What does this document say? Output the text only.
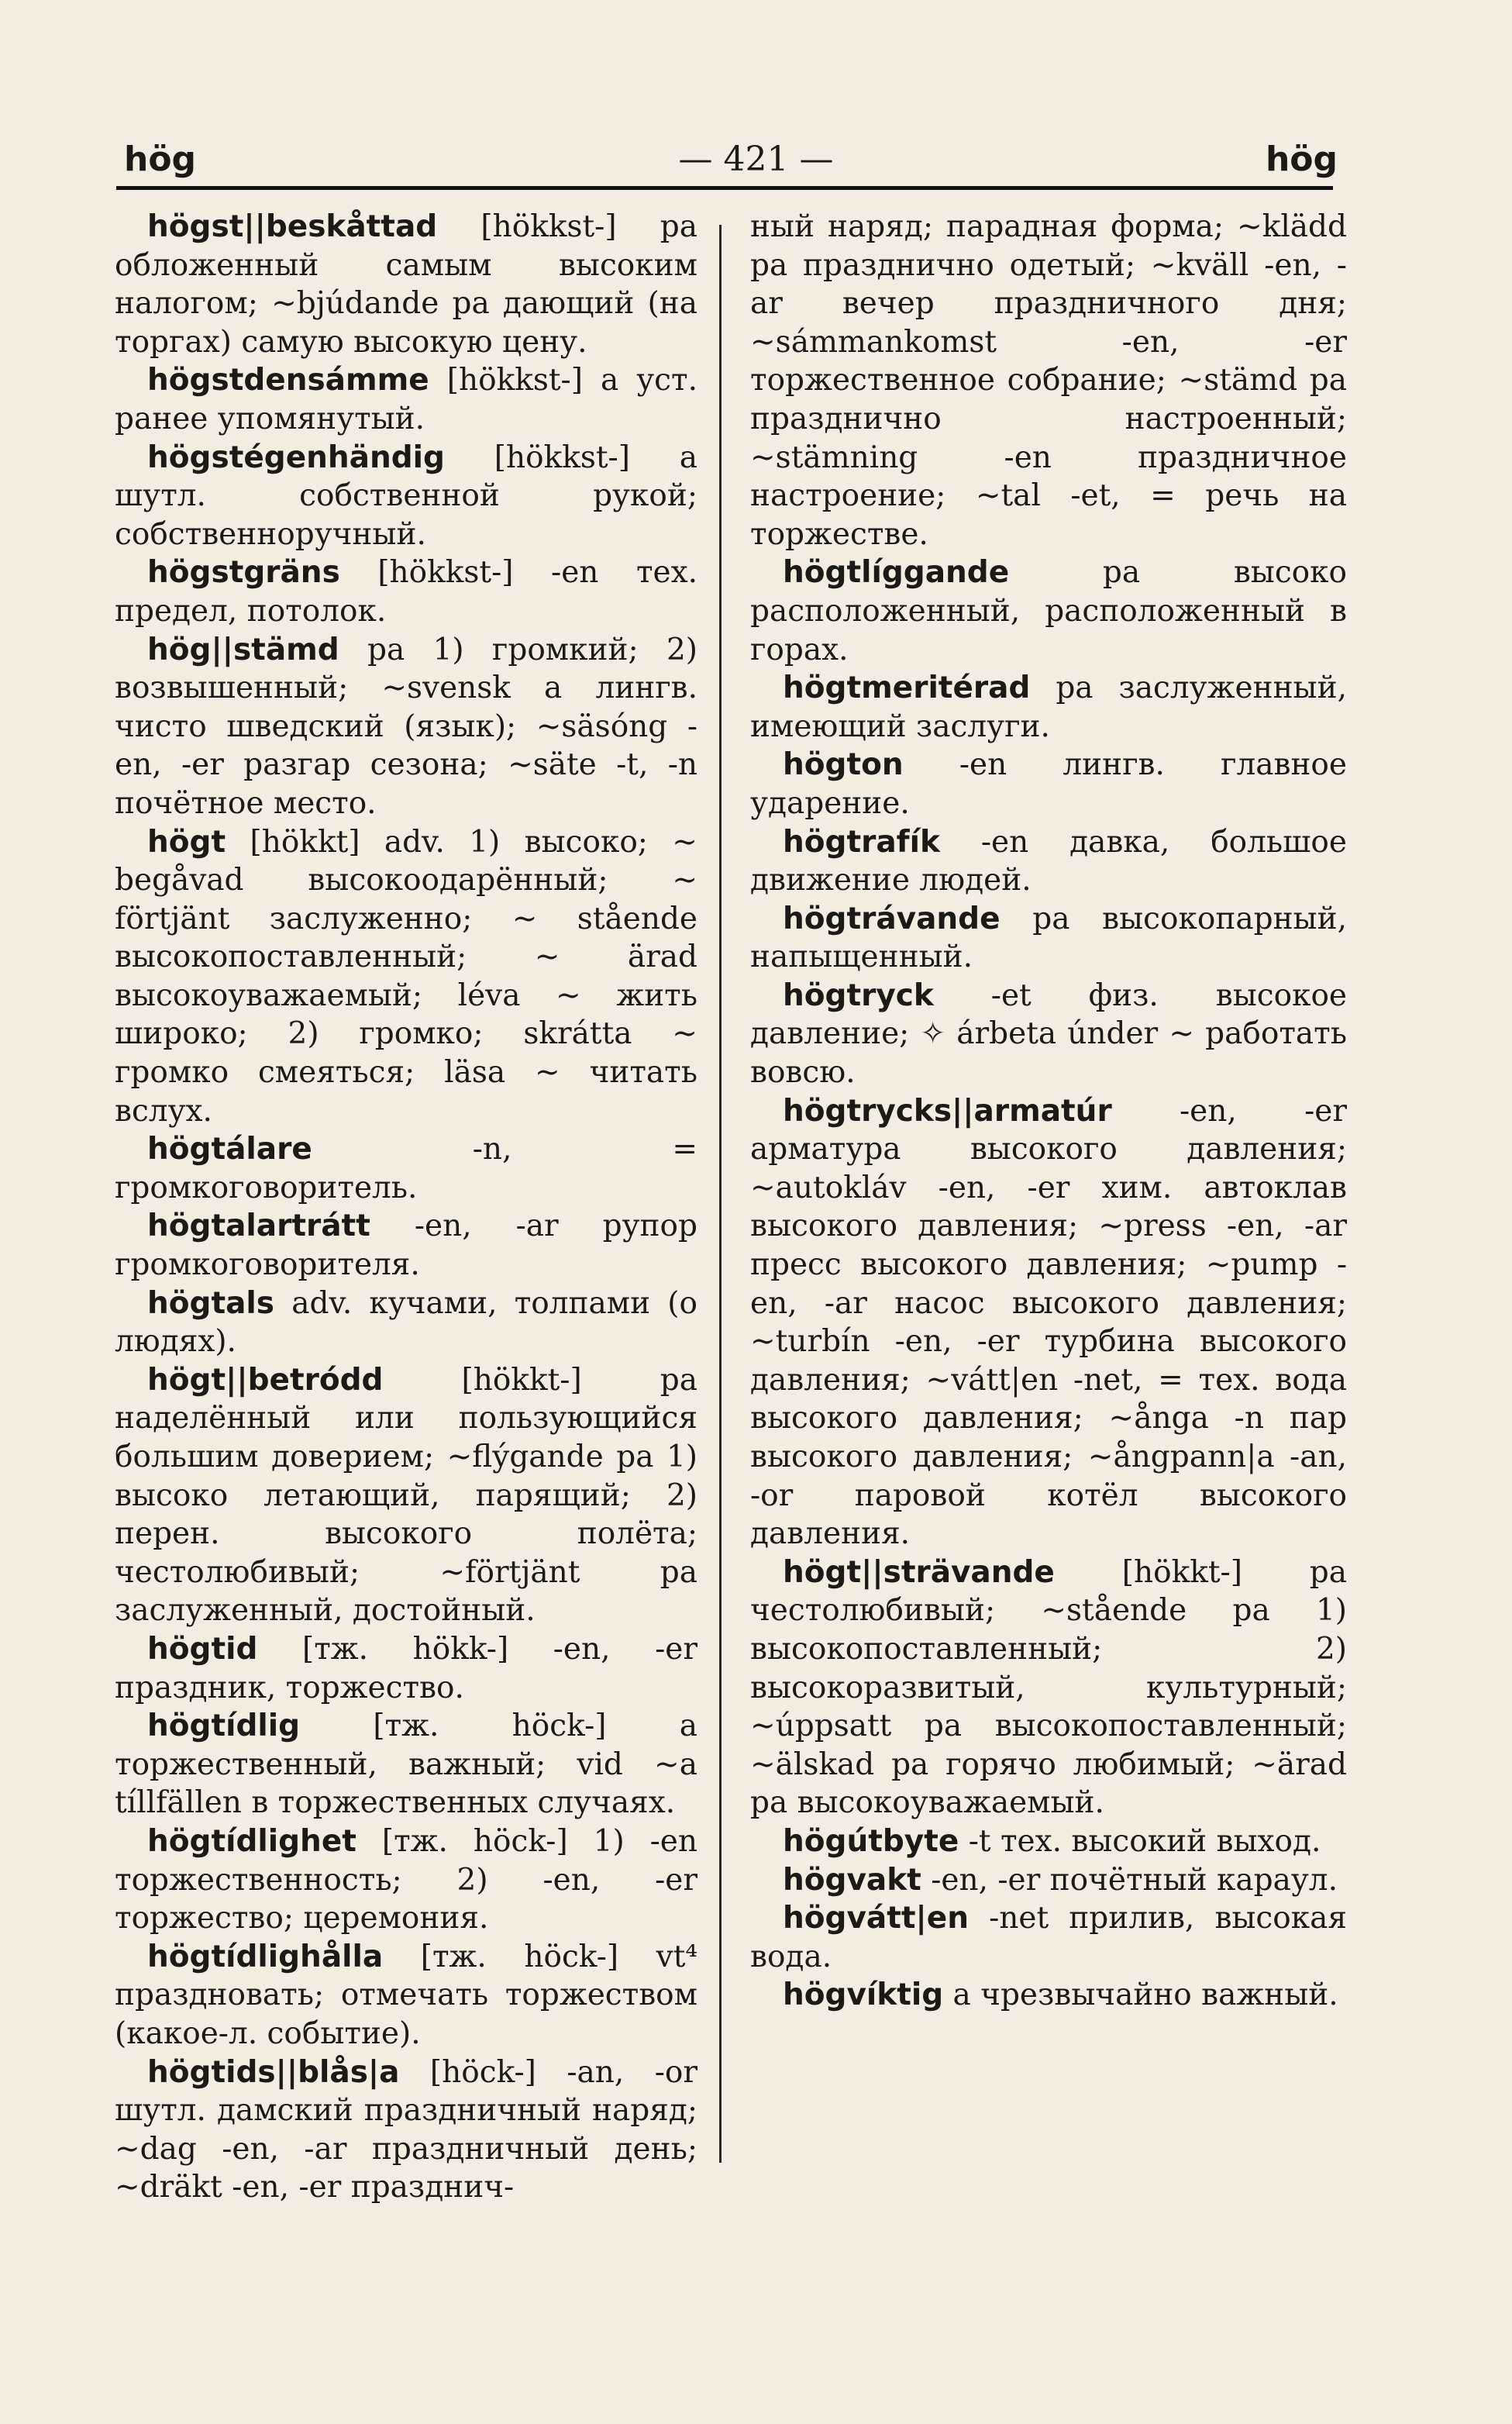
hög	— 421 —	hög

högst||beskåttad [hökkst-] pa обложенный самым высоким налогом; ~bjúdande pa дающий (на торгах) самую высокую цену.

högstdensámme [hökkst-] a уст. ранее упомянутый.

högstégenhändig [hökkst-] a шутл. собственной рукой; собственноручный.

högstgräns [hökkst-] -en тех. предел, потолок.

hög||stämd pa 1) громкий; 2) возвышенный; ~svensk a лингв. чисто шведский (язык); ~säsóng -en, -er разгар сезона; ~säte -t, -n почётное место.

högt [hökkt] adv. 1) высоко; ~ begåvad высокоодарённый; ~ förtjänt заслуженно; ~ stående высокопоставленный; ~ ärad высокоуважаемый; léva ~ жить широко; 2) громко; skrátta ~ громко смеяться; läsa ~ читать вслух.

högtálare -n, = громкоговоритель.

högtalartrátt -en, -ar рупор громкоговорителя.

högtals adv. кучами, толпами (о людях).

högt||betródd [hökkt-] pa наделённый или пользующийся большим доверием; ~flýgande pa 1) высоко летающий, парящий; 2) перен. высокого полёта; честолюбивый; ~förtjänt pa заслуженный, достойный.

högtid [тж. hökk-] -en, -er праздник, торжество.

högtídlig [тж. höck-] a торжественный, важный; vid ~a tíllfällen в торжественных случаях.

högtídlighet [тж. höck-] 1) -en торжественность; 2) -en, -er торжество; церемония.

högtídlighålla [тж. höck-] vt⁴ праздновать; отмечать торжеством (какое-л. событие).

högtids||blås|a [höck-] -an, -or шутл. дамский праздничный наряд; ~dag -en, -ar праздничный день; ~dräkt -en, -er празднич-

ный наряд; парадная форма; ~klädd pa празднично одетый; ~kväll -en, -ar вечер праздничного дня; ~sámmankomst -en, -er торжественное собрание; ~stämd pa празднично настроенный; ~stämning -en праздничное настроение; ~tal -et, = речь на торжестве.

högtlíggande pa высоко расположенный, расположенный в горах.

högtmeritérad pa заслуженный, имеющий заслуги.

högton -en лингв. главное ударение.

högtrafík -en давка, большое движение людей.

högtrávande pa высокопарный, напыщенный.

högtryck -et физ. высокое давление; ✧ árbeta únder ~ работать вовсю.

högtrycks||armatúr -en, -er арматура высокого давления; ~autokláv -en, -er хим. автоклав высокого давления; ~press -en, -ar пресс высокого давления; ~pump -en, -ar насос высокого давления; ~turbín -en, -er турбина высокого давления; ~vátt|en -net, = тех. вода высокого давления; ~ånga -n пар высокого давления; ~ångpann|a -an, -or паровой котёл высокого давления.

högt||strävande [hökkt-] pa честолюбивый; ~stående pa 1) высокопоставленный; 2) высокоразвитый, культурный; ~úppsatt pa высокопоставленный; ~älskad pa горячо любимый; ~ärad pa высокоуважаемый.

högútbyte -t тех. высокий выход.

högvakt -en, -er почётный караул.

högvátt|en -net прилив, высокая вода.

högvíktig a чрезвычайно важный.
